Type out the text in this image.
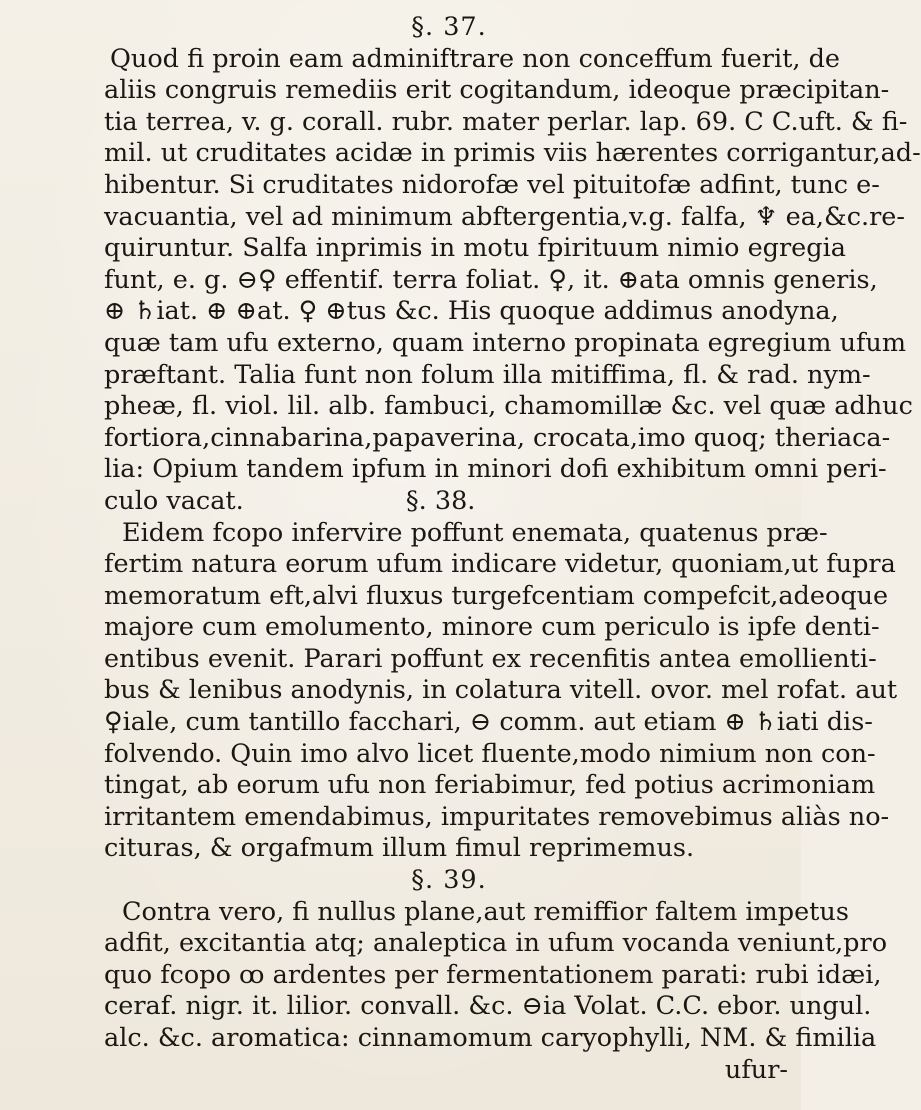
§. 37.
Quod fi proin eam adminiftrare non conceffum fuerit, de
aliis congruis remediis erit cogitandum, ideoque præcipitan-
tia terrea, v. g. corall. rubr. mater perlar. lap. 69. C C.uft. & fi-
mil. ut cruditates acidæ in primis viis hærentes corrigantur,ad-
hibentur. Si cruditates nidorofæ vel pituitofæ adfint, tunc e-
vacuantia, vel ad minimum abftergentia,v.g. falfa, ♆ ea,&c.re-
quiruntur. Salfa inprimis in motu fpirituum nimio egregia
funt, e. g. ⊖♀ effentif. terra foliat. ♀, it. ⊕ata omnis generis,
⊕ ♄iat. ⊕ ⊕at. ♀ ⊕tus &c. His quoque addimus anodyna,
quæ tam ufu externo, quam interno propinata egregium ufum
præftant. Talia funt non folum illa mitiffima, fl. & rad. nym-
pheæ, fl. viol. lil. alb. fambuci, chamomillæ &c. vel quæ adhuc
fortiora,cinnabarina,papaverina, crocata,imo quoq; theriaca-
lia: Opium tandem ipfum in minori dofi exhibitum omni peri-
culo vacat.                    §. 38.
Eidem fcopo infervire poffunt enemata, quatenus præ-
fertim natura eorum ufum indicare videtur, quoniam,ut fupra
memoratum eft,alvi fluxus turgefcentiam compefcit,adeoque
majore cum emolumento, minore cum periculo is ipfe denti-
entibus evenit. Parari poffunt ex recenfitis antea emollienti-
bus & lenibus anodynis, in colatura vitell. ovor. mel rofat. aut
♀iale, cum tantillo facchari, ⊖ comm. aut etiam ⊕ ♄iati dis-
folvendo. Quin imo alvo licet fluente,modo nimium non con-
tingat, ab eorum ufu non feriabimur, fed potius acrimoniam
irritantem emendabimus, impuritates removebimus aliàs no-
cituras, & orgafmum illum fimul reprimemus.
§. 39.
Contra vero, fi nullus plane,aut remiffior faltem impetus
adfit, excitantia atq; analeptica in ufum vocanda veniunt,pro
quo fcopo ꝏ ardentes per fermentationem parati: rubi idæi,
ceraf. nigr. it. lilior. convall. &c. ⊖ia Volat. C.C. ebor. ungul.
alc. &c. aromatica: cinnamomum caryophylli, NM. & fimilia
ufur-
